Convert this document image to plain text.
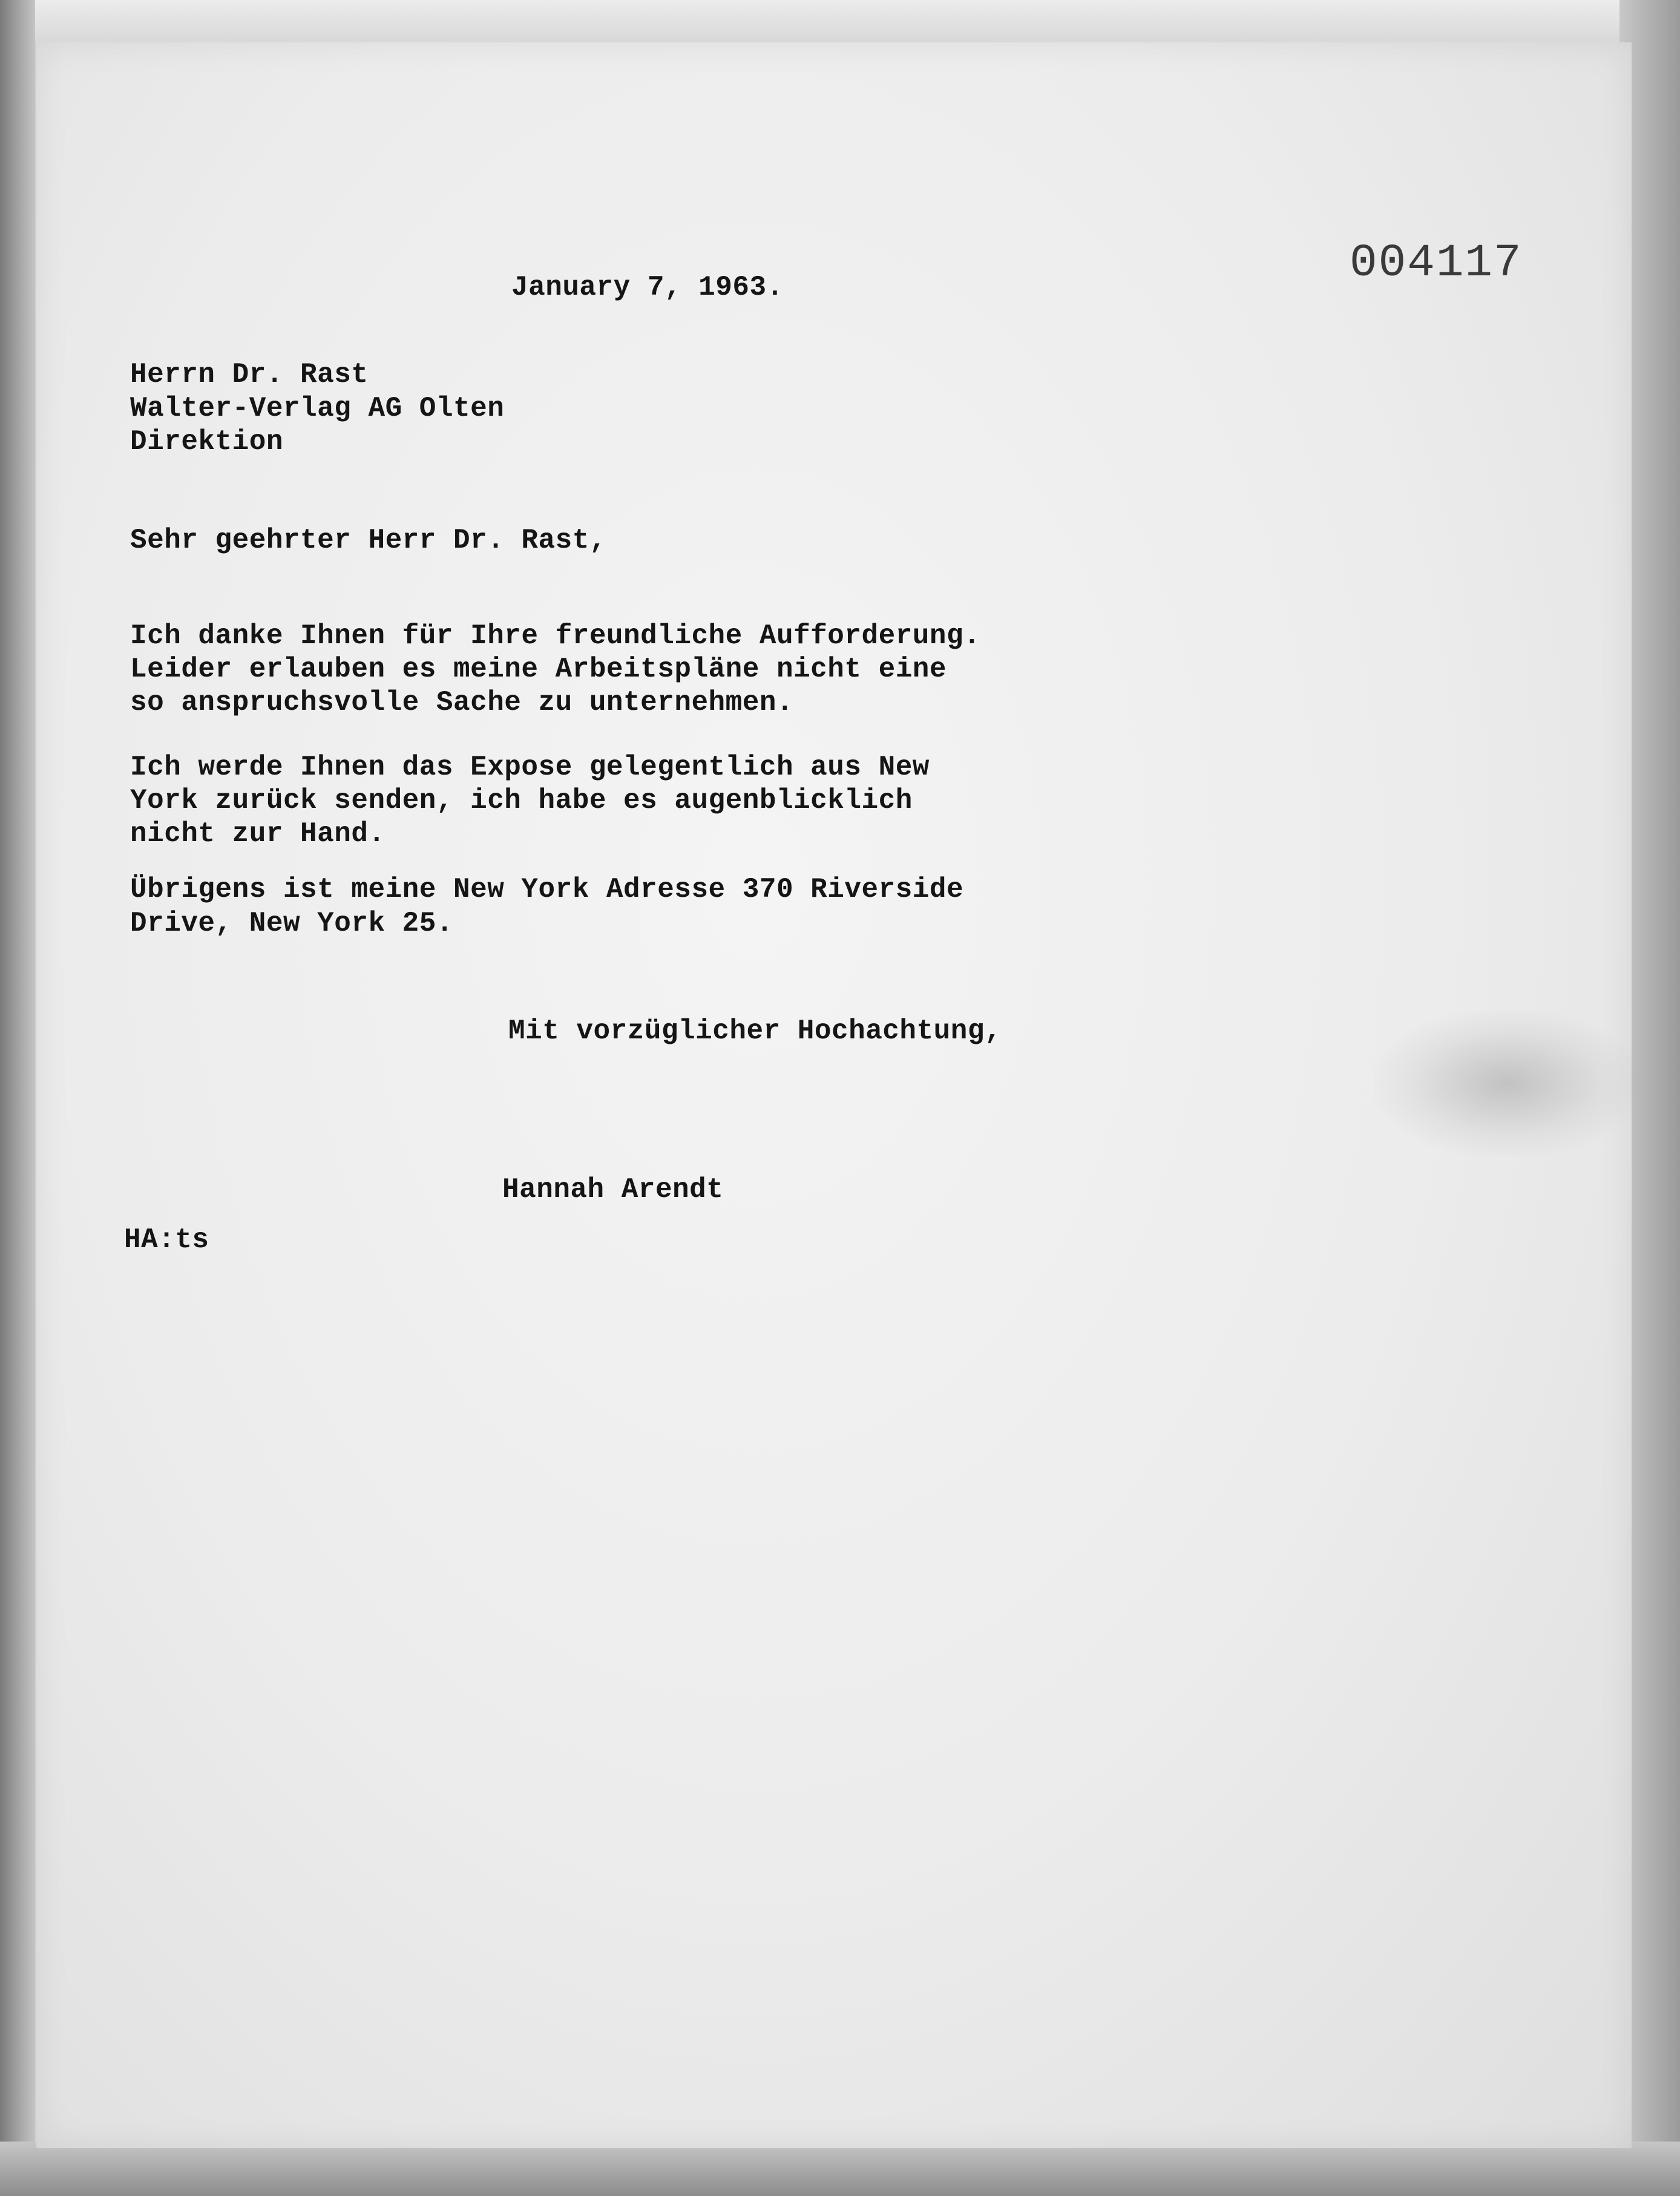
004117
January 7, 1963.
Herrn Dr. Rast
Walter-Verlag AG Olten
Direktion
Sehr geehrter Herr Dr. Rast,
Ich danke Ihnen für Ihre freundliche Aufforderung.
Leider erlauben es meine Arbeitspläne nicht eine
so anspruchsvolle Sache zu unternehmen.
Ich werde Ihnen das Expose gelegentlich aus New
York zurück senden, ich habe es augenblicklich
nicht zur Hand.
Übrigens ist meine New York Adresse 370 Riverside
Drive, New York 25.
Mit vorzüglicher Hochachtung,
Hannah Arendt
HA:ts
